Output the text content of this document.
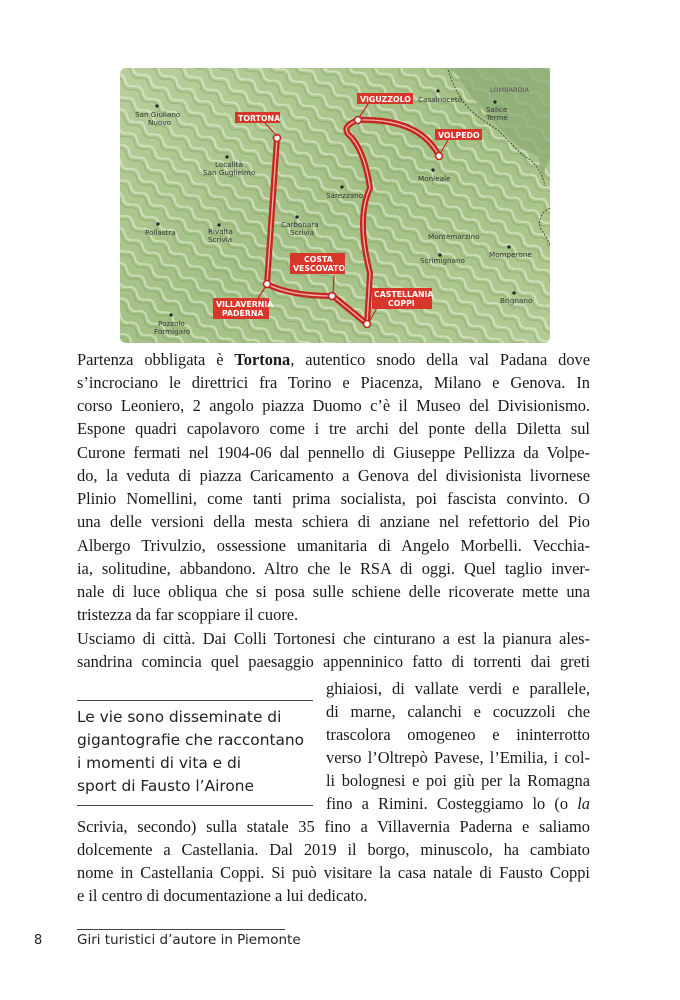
LOMBARDIA
San Giuliano
Nuovo
Località
San Guglielmo
Pollastra	Rivalta
Scrivia
Carbonara
Scrivia
Sarezzano
Casalnoceto
Salice
Terme
Monleale
Montemarzino
Scrimignano
Momperone
Brignano
Pozzolo
Formigaro
TORTONA
VIGUZZOLO
VOLPEDO
VILLAVERNIA
PADERNA
COSTA
VESCOVATO
CASTELLANIA
COPPI
Partenza obbligata è Tortona, autentico snodo della val Padana dove
s’incrociano le direttrici fra Torino e Piacenza, Milano e Genova. In
corso Leoniero, 2 angolo piazza Duomo c’è il Museo del Divisionismo.
Espone quadri capolavoro come i tre archi del ponte della Diletta sul
Curone fermati nel 1904-06 dal pennello di Giuseppe Pellizza da Volpe-
do, la veduta di piazza Caricamento a Genova del divisionista livornese
Plinio Nomellini, come tanti prima socialista, poi fascista convinto. O
una delle versioni della mesta schiera di anziane nel refettorio del Pio
Albergo Trivulzio, ossessione umanitaria di Angelo Morbelli. Vecchia-
ia, solitudine, abbandono. Altro che le RSA di oggi. Quel taglio inver-
nale di luce obliqua che si posa sulle schiene delle ricoverate mette una
tristezza da far scoppiare il cuore.
Usciamo di città. Dai Colli Tortonesi che cinturano a est la pianura ales-
sandrina comincia quel paesaggio appenninico fatto di torrenti dai greti
ghiaiosi, di vallate verdi e parallele,
di marne, calanchi e cocuzzoli che
trascolora omogeneo e ininterrotto
verso l’Oltrepò Pavese, l’Emilia, i col-
li bolognesi e poi giù per la Romagna
fino a Rimini. Costeggiamo lo (o la
Scrivia, secondo) sulla statale 35 fino a Villavernia Paderna e saliamo
dolcemente a Castellania. Dal 2019 il borgo, minuscolo, ha cambiato
nome in Castellania Coppi. Si può visitare la casa natale di Fausto Coppi
e il centro di documentazione a lui dedicato.
Le vie sono disseminate di
gigantografie che raccontano
i momenti di vita e di
sport di Fausto l’Airone
8	Giri turistici d’autore in Piemonte
